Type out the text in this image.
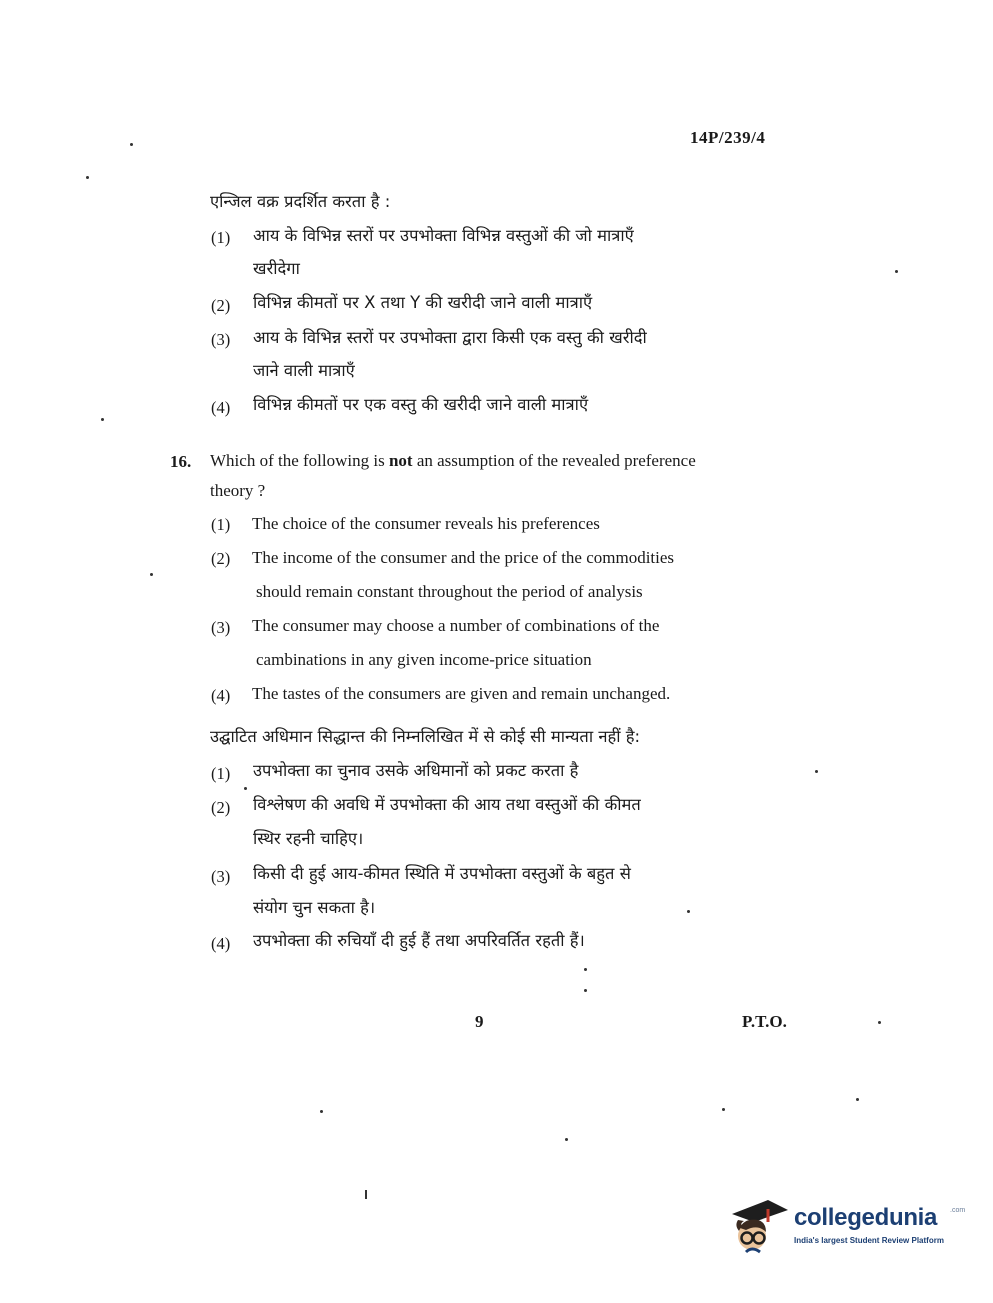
14P/239/4
एन्जिल वक्र प्रदर्शित करता है :
(1) आय के विभिन्न स्तरों पर उपभोक्ता विभिन्न वस्तुओं की जो मात्राएँ
खरीदेगा
(2) विभिन्न कीमतों पर X तथा Y की खरीदी जाने वाली मात्राएँ
(3) आय के विभिन्न स्तरों पर उपभोक्ता द्वारा किसी एक वस्तु की खरीदी
जाने वाली मात्राएँ
(4) विभिन्न कीमतों पर एक वस्तु की खरीदी जाने वाली मात्राएँ
16. Which of the following is not an assumption of the revealed preference
theory ?
(1) The choice of the consumer reveals his preferences
(2) The income of the consumer and the price of the commodities
should remain constant throughout the period of analysis
(3) The consumer may choose a number of combinations of the
cambinations in any given income-price situation
(4) The tastes of the consumers are given and remain unchanged.
उद्घाटित अधिमान सिद्धान्त की निम्नलिखित में से कोई सी मान्यता नहीं है:
(1) उपभोक्ता का चुनाव उसके अधिमानों को प्रकट करता है
(2) विश्लेषण की अवधि में उपभोक्ता की आय तथा वस्तुओं की कीमत
स्थिर रहनी चाहिए।
(3) किसी दी हुई आय-कीमत स्थिति में उपभोक्ता वस्तुओं के बहुत से
संयोग चुन सकता है।
(4) उपभोक्ता की रुचियाँ दी हुई हैं तथा अपरिवर्तित रहती हैं।
9	P.T.O.
collegedunia .com
India's largest Student Review Platform
